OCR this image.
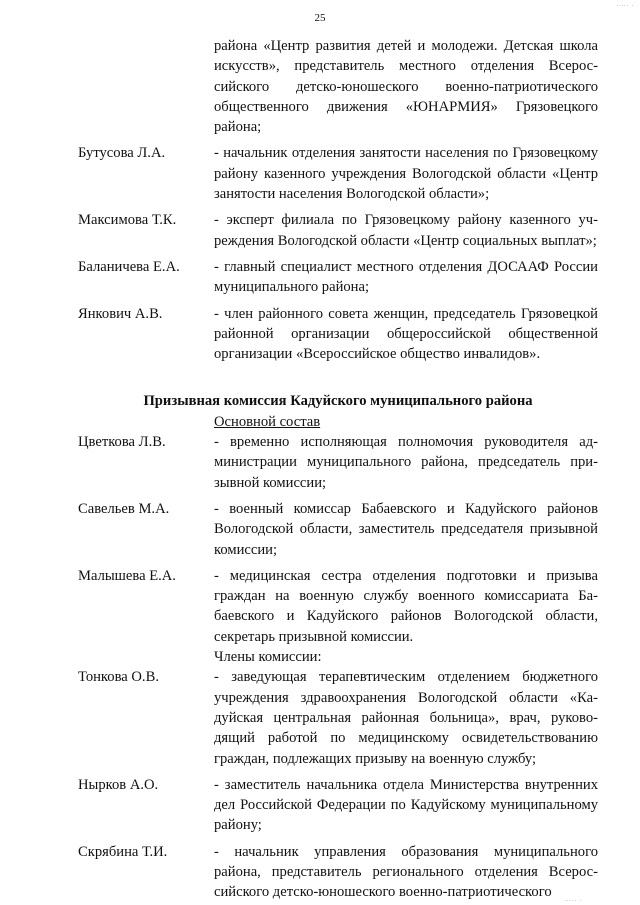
..... .
25
районa «Центр развития детей и молодежи. Детская школа искусств», представитель местного отделения Всероссийского детско-юношеского военно-патриотического общественного движения «ЮНАРМИЯ» Грязовецкого района;
Бутусова Л.А.	- начальник отделения занятости населения по Грязовецкому району казенного учреждения Вологодской области «Центр занятости населения Вологодской области»;
Максимова Т.К.	- эксперт филиала по Грязовецкому району казенного учреждения Вологодской области «Центр социальных выплат»;
Баланичева Е.А.	- главный специалист местного отделения ДОСААФ России муниципального района;
Янкович А.В.	- член районного совета женщин, председатель Грязовецкой районной организации общероссийской общественной организации «Всероссийское общество инвалидов».
Призывная комиссия Кадуйского муниципального района
Основной состав
Цветкова Л.В.	- временно исполняющая полномочия руководителя администрации муниципального района, председатель призывной комиссии;
Савельев М.А.	- военный комиссар Бабаевского и Кадуйского районов Вологодской области, заместитель председателя призывной комиссии;
Малышева Е.А.	- медицинская сестра отделения подготовки и призыва граждан на военную службу военного комиссариата Бабаевского и Кадуйского районов Вологодской области, секретарь призывной комиссии.
Члены комиссии:
Тонкова О.В.	- заведующая терапевтическим отделением бюджетного учреждения здравоохранения Вологодской области «Кадуйская центральная районная больница», врач, руководящий работой по медицинскому освидетельствованию граждан, подлежащих призыву на военную службу;
Нырков А.О.	- заместитель начальника отдела Министерства внутренних дел Российской Федерации по Кадуйскому муниципальному району;
Скрябина Т.И.	- начальник управления образования муниципального района, представитель регионального отделения Всероссийского детско-юношеского военно-патриотического	..... .
